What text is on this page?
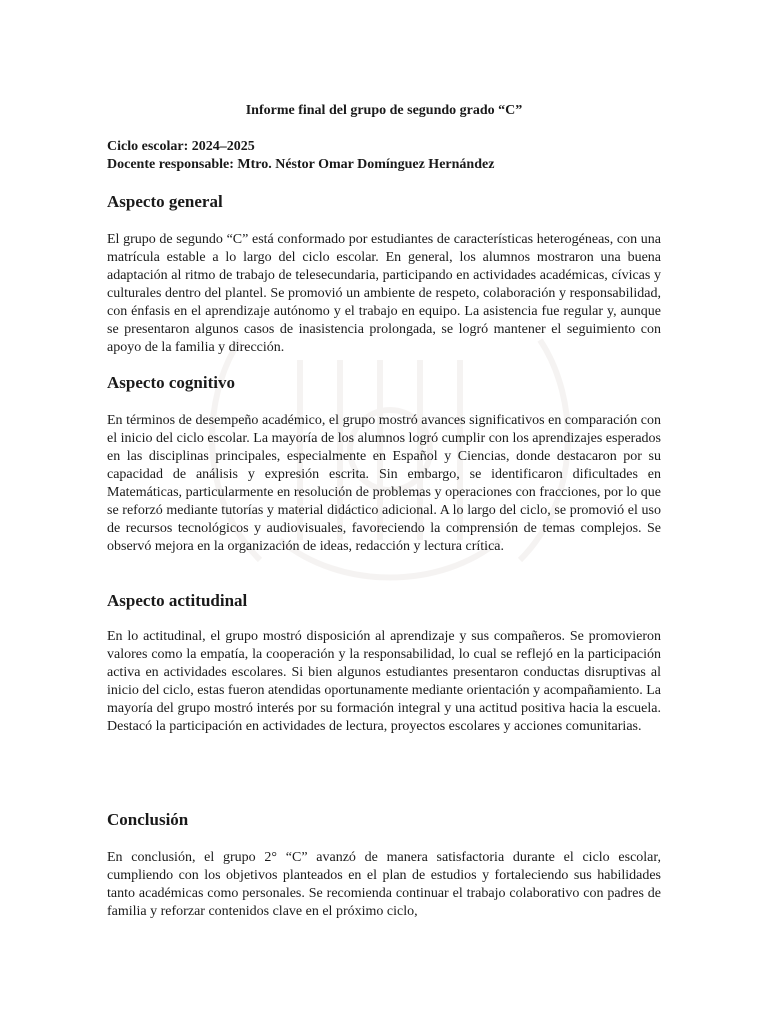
Informe final del grupo de segundo grado “C”
Ciclo escolar: 2024–2025
Docente responsable: Mtro. Néstor Omar Domínguez Hernández
Aspecto general
El grupo de segundo “C” está conformado por estudiantes de características heterogéneas, con una matrícula estable a lo largo del ciclo escolar. En general, los alumnos mostraron una buena adaptación al ritmo de trabajo de telesecundaria, participando en actividades académicas, cívicas y culturales dentro del plantel. Se promovió un ambiente de respeto, colaboración y responsabilidad, con énfasis en el aprendizaje autónomo y el trabajo en equipo. La asistencia fue regular y, aunque se presentaron algunos casos de inasistencia prolongada, se logró mantener el seguimiento con apoyo de la familia y dirección.
Aspecto cognitivo
En términos de desempeño académico, el grupo mostró avances significativos en comparación con el inicio del ciclo escolar. La mayoría de los alumnos logró cumplir con los aprendizajes esperados en las disciplinas principales, especialmente en Español y Ciencias, donde destacaron por su capacidad de análisis y expresión escrita. Sin embargo, se identificaron dificultades en Matemáticas, particularmente en resolución de problemas y operaciones con fracciones, por lo que se reforzó mediante tutorías y material didáctico adicional. A lo largo del ciclo, se promovió el uso de recursos tecnológicos y audiovisuales, favoreciendo la comprensión de temas complejos. Se observó mejora en la organización de ideas, redacción y lectura crítica.
Aspecto actitudinal
En lo actitudinal, el grupo mostró disposición al aprendizaje y sus compañeros. Se promovieron valores como la empatía, la cooperación y la responsabilidad, lo cual se reflejó en la participación activa en actividades escolares. Si bien algunos estudiantes presentaron conductas disruptivas al inicio del ciclo, estas fueron atendidas oportunamente mediante orientación y acompañamiento. La mayoría del grupo mostró interés por su formación integral y una actitud positiva hacia la escuela. Destacó la participación en actividades de lectura, proyectos escolares y acciones comunitarias.
Conclusión
En conclusión, el grupo 2° “C” avanzó de manera satisfactoria durante el ciclo escolar, cumpliendo con los objetivos planteados en el plan de estudios y fortaleciendo sus habilidades tanto académicas como personales. Se recomienda continuar el trabajo colaborativo con padres de familia y reforzar contenidos clave en el próximo ciclo,
